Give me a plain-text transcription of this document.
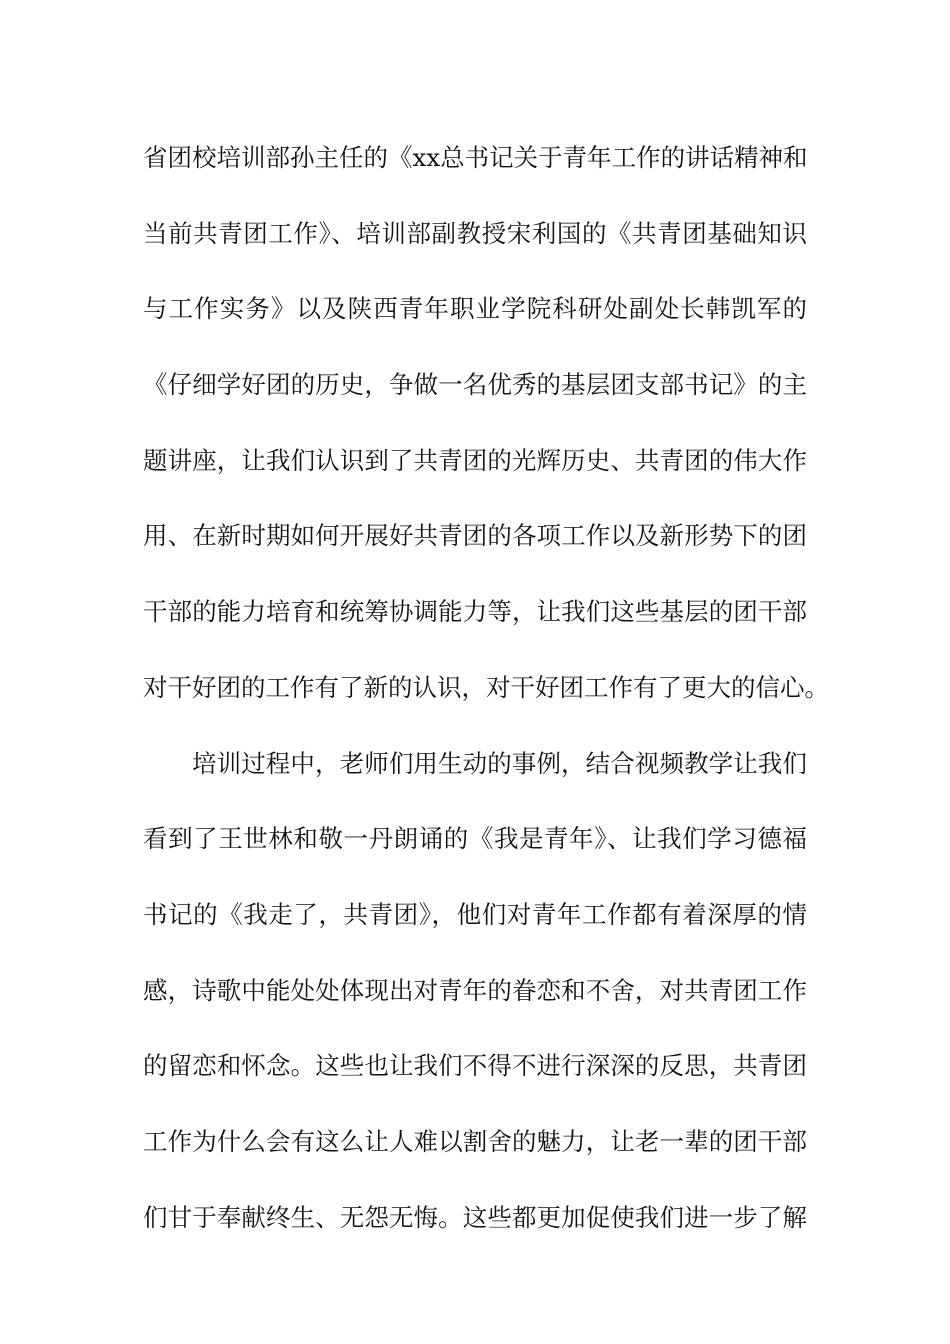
省团校培训部孙主任的《xx总书记关于青年工作的讲话精神和
当前共青团工作》、培训部副教授宋利国的《共青团基础知识
与工作实务》以及陕西青年职业学院科研处副处长韩凯军的
《仔细学好团的历史，争做一名优秀的基层团支部书记》的主
题讲座，让我们认识到了共青团的光辉历史、共青团的伟大作
用、在新时期如何开展好共青团的各项工作以及新形势下的团
干部的能力培育和统筹协调能力等，让我们这些基层的团干部
对干好团的工作有了新的认识，对干好团工作有了更大的信心。
培训过程中，老师们用生动的事例，结合视频教学让我们
看到了王世林和敬一丹朗诵的《我是青年》、让我们学习德福
书记的《我走了，共青团》，他们对青年工作都有着深厚的情
感，诗歌中能处处体现出对青年的眷恋和不舍，对共青团工作
的留恋和怀念。这些也让我们不得不进行深深的反思，共青团
工作为什么会有这么让人难以割舍的魅力，让老一辈的团干部
们甘于奉献终生、无怨无悔。这些都更加促使我们进一步了解
